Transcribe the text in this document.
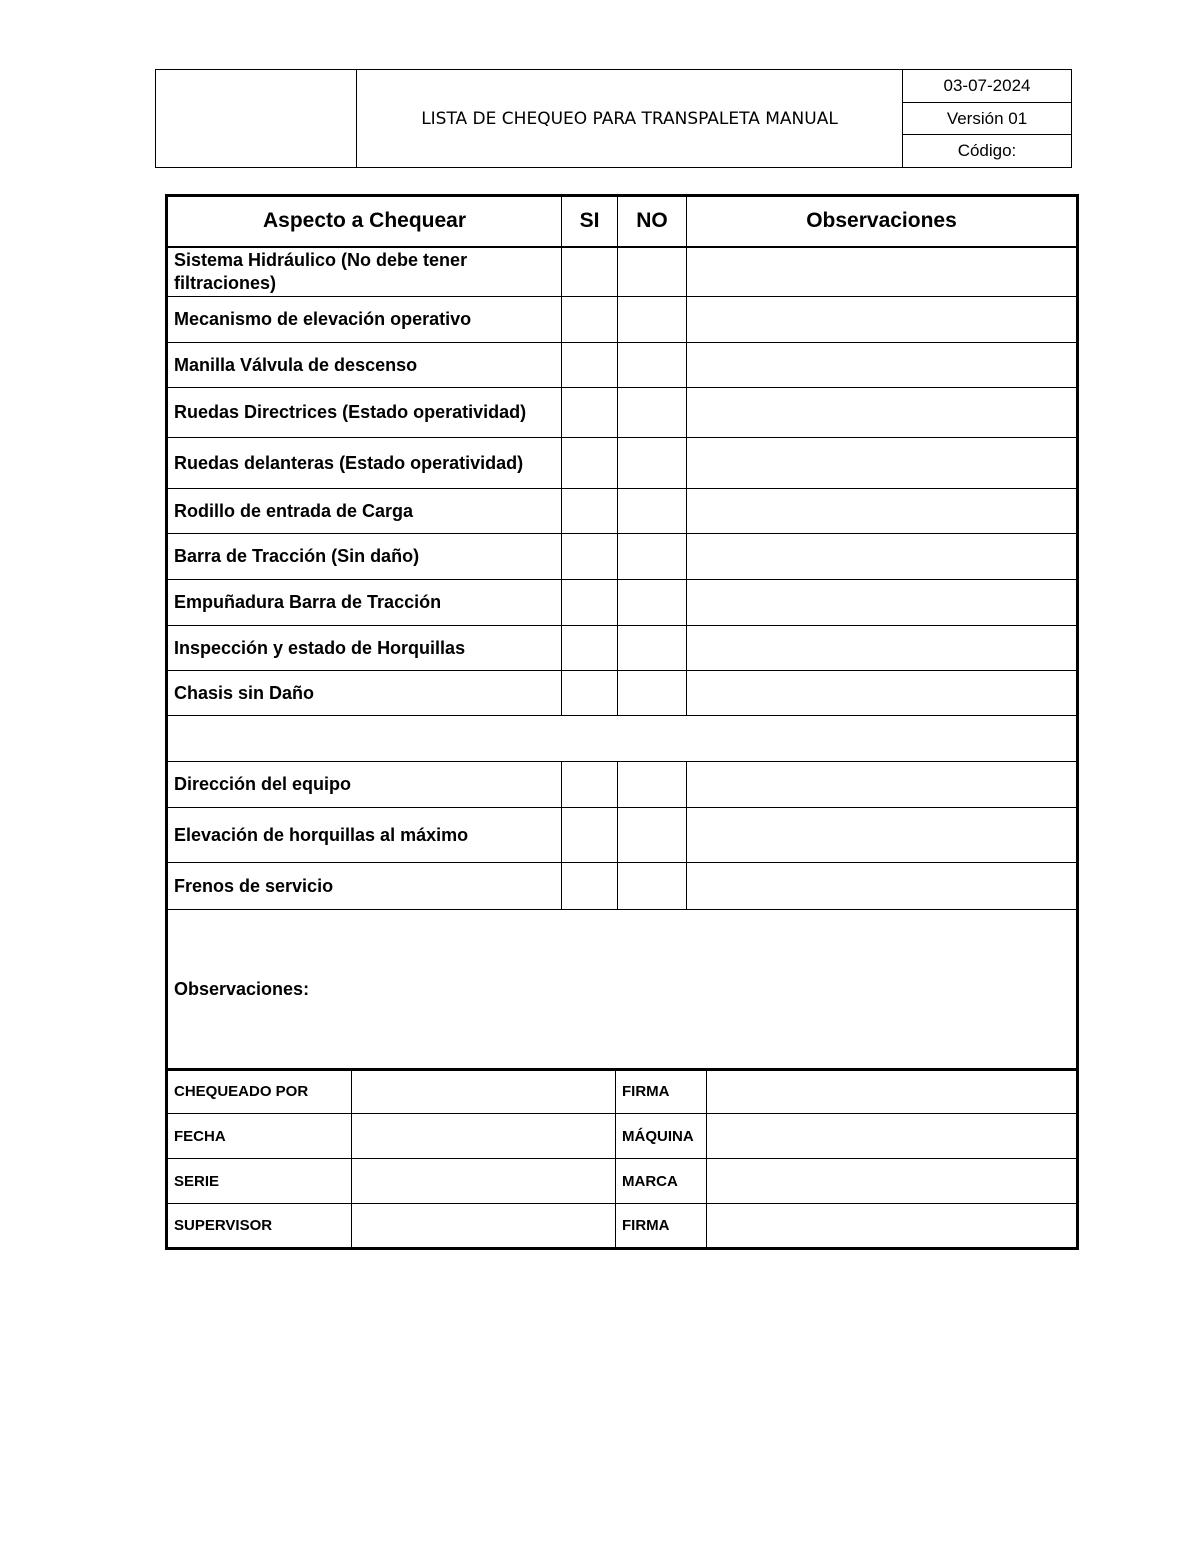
LISTA DE CHEQUEO PARA TRANSPALETA MANUAL
03-07-2024
Versión 01
Código:
Aspecto a Chequear	SI	NO	Observaciones
Sistema Hidráulico (No debe tener filtraciones)			
Mecanismo de elevación operativo			
Manilla Válvula de descenso			
Ruedas Directrices (Estado operatividad)			
Ruedas delanteras (Estado operatividad)			
Rodillo de entrada de Carga			
Barra de Tracción (Sin daño)			
Empuñadura Barra de Tracción			
Inspección y estado de Horquillas			
Chasis sin Daño			

Dirección del equipo			
Elevación de horquillas al máximo			
Frenos de servicio			
Observaciones:			
CHEQUEADO POR		FIRMA	
FECHA		MÁQUINA	
SERIE		MARCA	
SUPERVISOR		FIRMA	
